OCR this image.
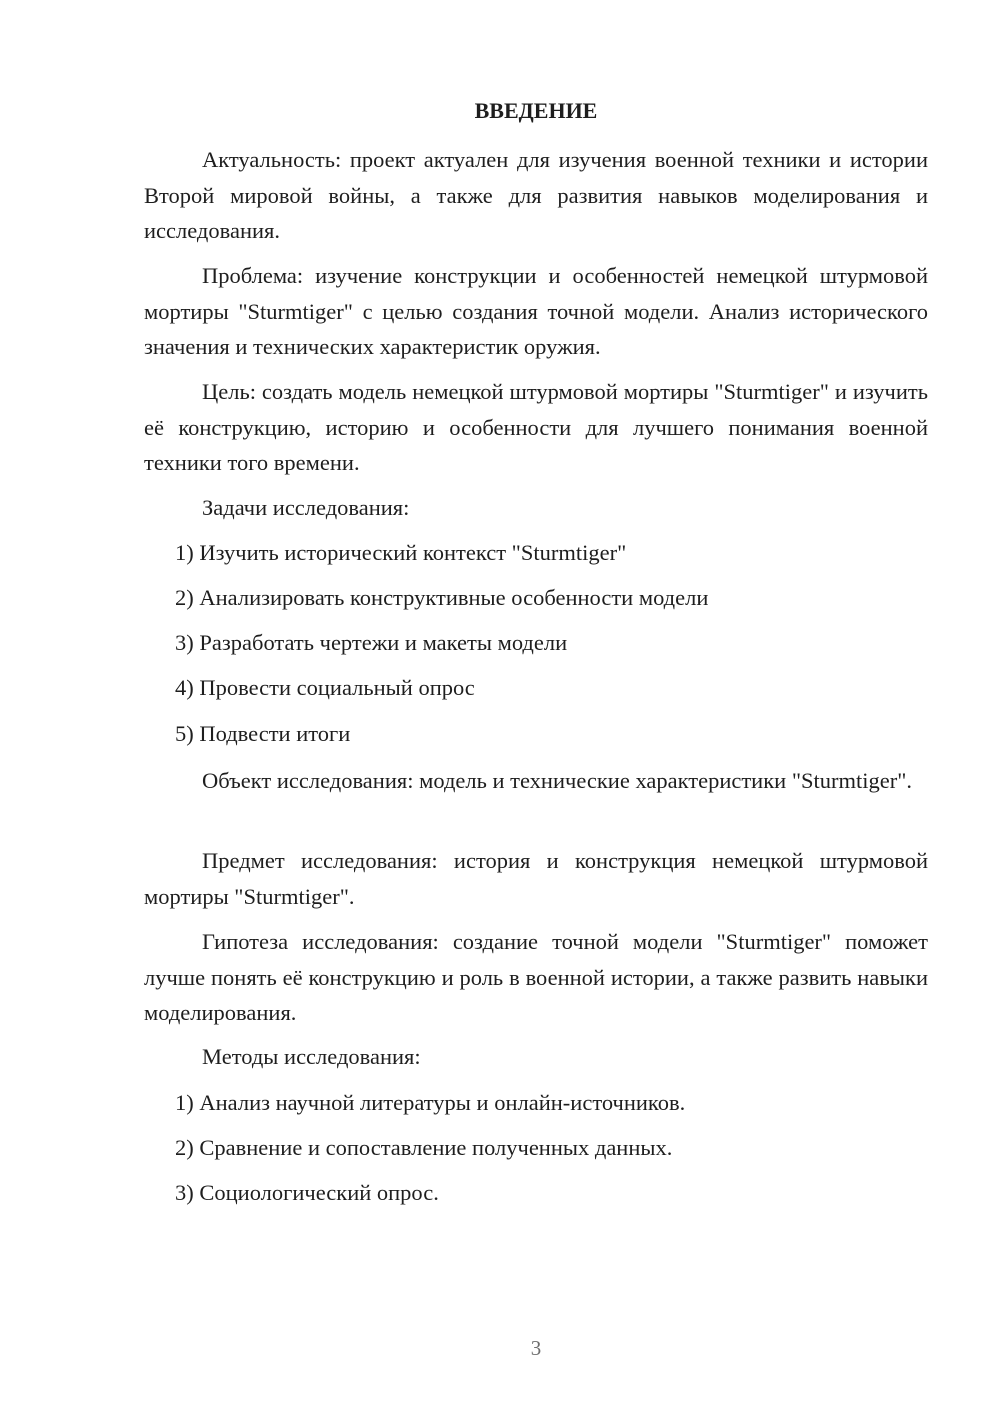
ВВЕДЕНИЕ

Актуальность: проект актуален для изучения военной техники и истории Второй мировой войны, а также для развития навыков моделирования и исследования.

Проблема: изучение конструкции и особенностей немецкой штурмовой мортиры "Sturmtiger" с целью создания точной модели. Анализ исторического значения и технических характеристик оружия.

Цель: создать модель немецкой штурмовой мортиры "Sturmtiger" и изучить её конструкцию, историю и особенности для лучшего понимания военной техники того времени.

Задачи исследования:

1) Изучить исторический контекст "Sturmtiger"
2) Анализировать конструктивные особенности модели
3) Разработать чертежи и макеты модели
4) Провести социальный опрос
5) Подвести итоги

Объект исследования: модель и технические характеристики "Sturmtiger".

Предмет исследования: история и конструкция немецкой штурмовой мортиры "Sturmtiger".

Гипотеза исследования: создание точной модели "Sturmtiger" поможет лучше понять её конструкцию и роль в военной истории, а также развить навыки моделирования.

Методы исследования:

1) Анализ научной литературы и онлайн-источников.
2) Сравнение и сопоставление полученных данных.
3) Социологический опрос.
3
